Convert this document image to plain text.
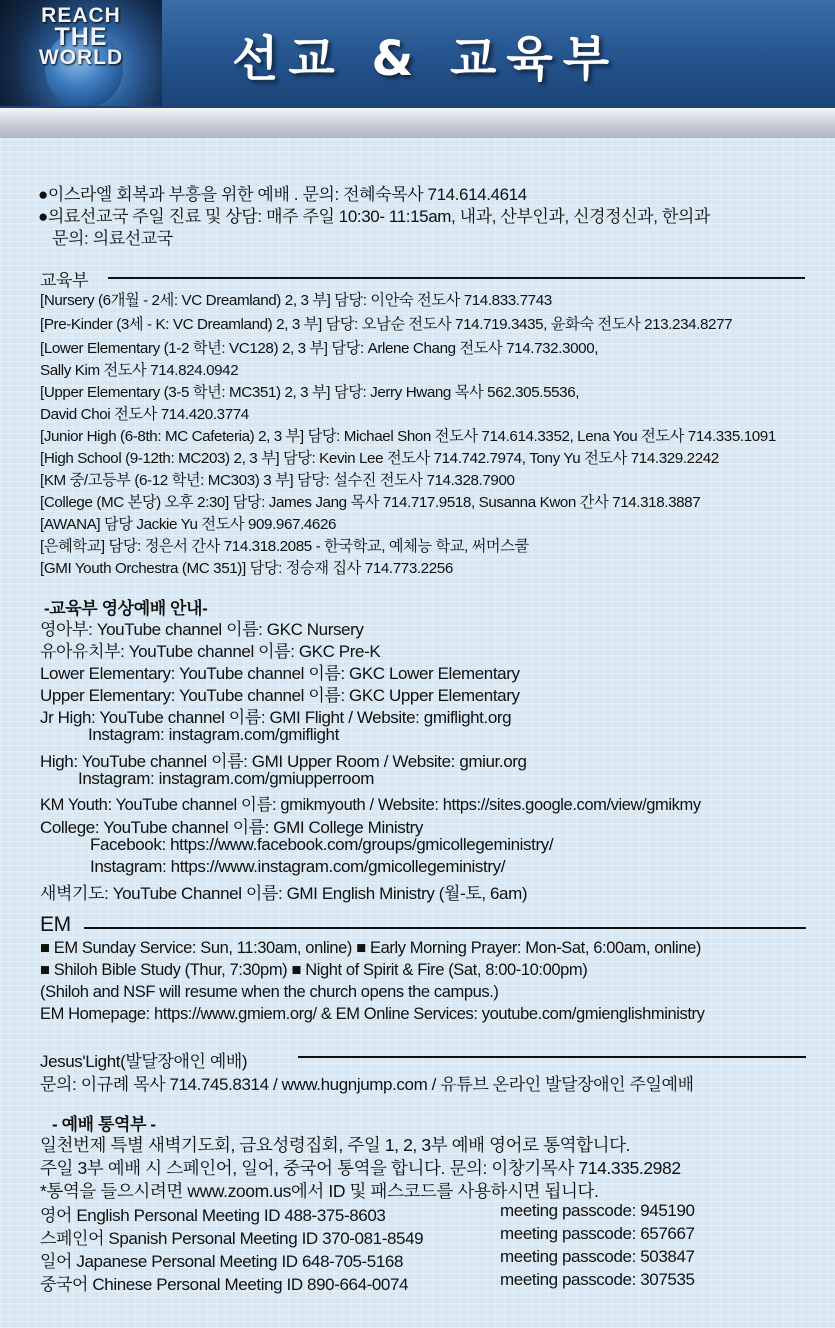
REACH
THE
WORLD	선교 & 교육부
●이스라엘 회복과 부흥을 위한 예배 . 문의: 전혜숙목사 714.614.4614
●의료선교국 주일 진료 및 상담: 매주 주일 10:30- 11:15am, 내과, 산부인과, 신경정신과, 한의과
문의: 의료선교국
교육부
[Nursery (6개월 - 2세: VC Dreamland) 2, 3 부] 담당: 이안숙 전도사 714.833.7743
[Pre-Kinder (3세 - K: VC Dreamland) 2, 3 부] 담당: 오남순 전도사 714.719.3435, 윤화숙 전도사 213.234.8277
[Lower Elementary (1-2 학년: VC128) 2, 3 부] 담당: Arlene Chang 전도사 714.732.3000,
Sally Kim 전도사 714.824.0942
[Upper Elementary (3-5 학년: MC351) 2, 3 부] 담당: Jerry Hwang 목사 562.305.5536,
David Choi 전도사 714.420.3774
[Junior High (6-8th: MC Cafeteria) 2, 3 부] 담당: Michael Shon 전도사 714.614.3352, Lena You 전도사 714.335.1091
[High School (9-12th: MC203) 2, 3 부] 담당: Kevin Lee 전도사 714.742.7974, Tony Yu 전도사 714.329.2242
[KM 중/고등부 (6-12 학년: MC303) 3 부] 담당: 설수진 전도사 714.328.7900
[College (MC 본당) 오후 2:30] 담당: James Jang 목사 714.717.9518, Susanna Kwon 간사 714.318.3887
[AWANA] 담당 Jackie Yu 전도사 909.967.4626
[은혜학교] 담당: 정은서 간사 714.318.2085 - 한국학교, 예체능 학교, 써머스쿨
[GMI Youth Orchestra (MC 351)] 담당: 정승재 집사 714.773.2256
-교육부 영상예배 안내-
영아부: YouTube channel 이름: GKC Nursery
유아유치부: YouTube channel 이름: GKC Pre-K
Lower Elementary: YouTube channel 이름: GKC Lower Elementary
Upper Elementary: YouTube channel 이름: GKC Upper Elementary
Jr High: YouTube channel 이름: GMI Flight / Website: gmiflight.org
Instagram: instagram.com/gmiflight
High: YouTube channel 이름: GMI Upper Room / Website: gmiur.org
Instagram: instagram.com/gmiupperroom
KM Youth: YouTube channel 이름: gmikmyouth / Website: https://sites.google.com/view/gmikmy
College: YouTube channel 이름: GMI College Ministry
Facebook: https://www.facebook.com/groups/gmicollegeministry/
Instagram: https://www.instagram.com/gmicollegeministry/
새벽기도: YouTube Channel 이름: GMI English Ministry (월-토, 6am)
EM
■ EM Sunday Service: Sun, 11:30am, online) ■ Early Morning Prayer: Mon-Sat, 6:00am, online)
■ Shiloh Bible Study (Thur, 7:30pm) ■ Night of Spirit & Fire (Sat, 8:00-10:00pm)
(Shiloh and NSF will resume when the church opens the campus.)
EM Homepage: https://www.gmiem.org/ & EM Online Services: youtube.com/gmienglishministry
Jesus'Light(발달장애인 예배)
문의: 이규례 목사 714.745.8314 / www.hugnjump.com / 유튜브 온라인 발달장애인 주일예배
- 예배 통역부 -
일천번제 특별 새벽기도회, 금요성령집회, 주일 1, 2, 3부 예배 영어로 통역합니다.
주일 3부 예배 시 스페인어, 일어, 중국어 통역을 합니다. 문의: 이창기목사 714.335.2982
*통역을 들으시려면 www.zoom.us에서 ID 및 패스코드를 사용하시면 됩니다.
영어 English Personal Meeting ID 488-375-8603	meeting passcode: 945190
스페인어 Spanish Personal Meeting ID 370-081-8549	meeting passcode: 657667
일어 Japanese Personal Meeting ID 648-705-5168	meeting passcode: 503847
중국어 Chinese Personal Meeting ID 890-664-0074	meeting passcode: 307535
